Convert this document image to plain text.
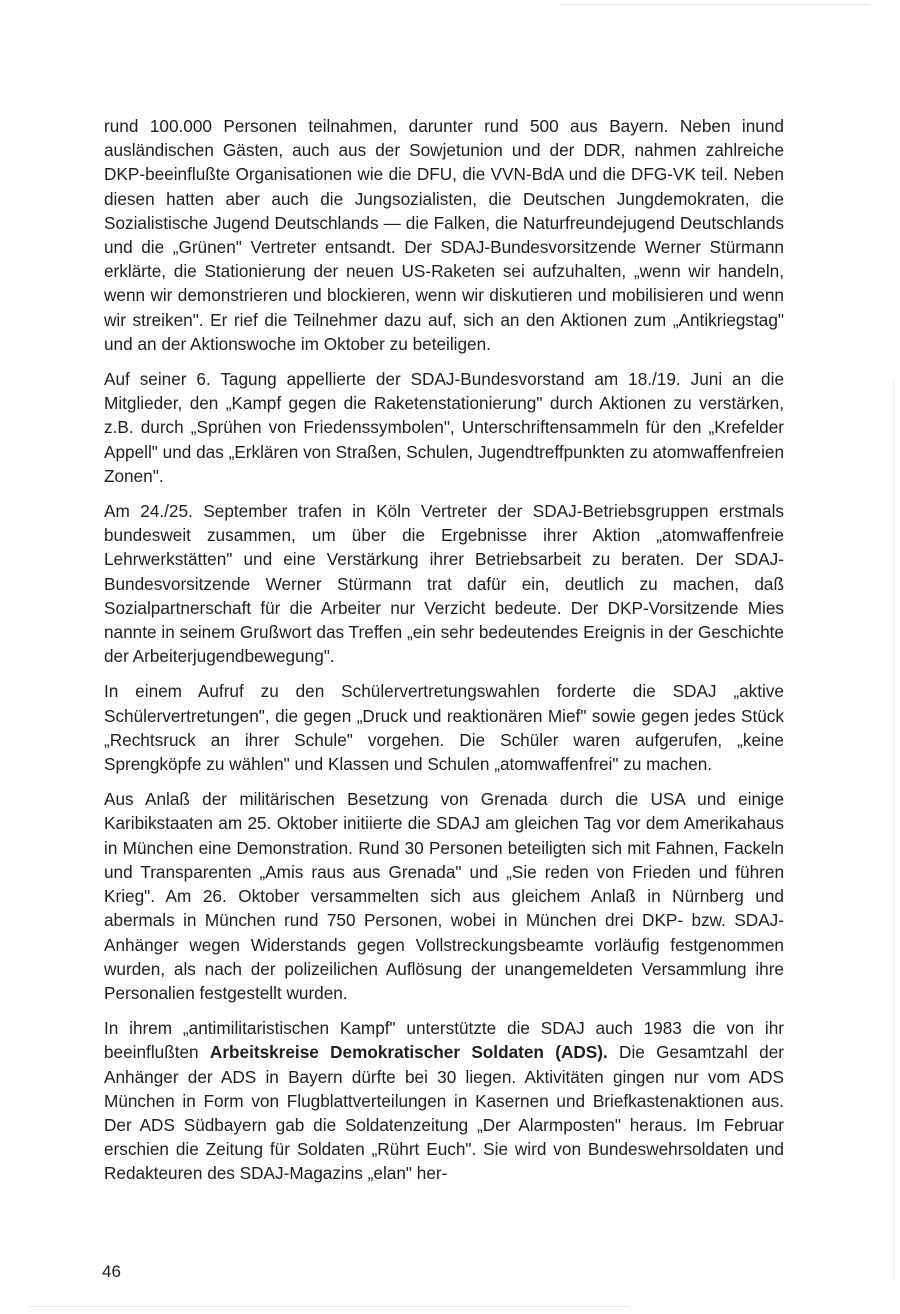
rund 100.000 Personen teilnahmen, darunter rund 500 aus Bayern. Neben inund ausländischen Gästen, auch aus der Sowjetunion und der DDR, nahmen zahlreiche DKP-beeinflußte Organisationen wie die DFU, die VVN-BdA und die DFG-VK teil. Neben diesen hatten aber auch die Jungsozialisten, die Deutschen Jungdemokraten, die Sozialistische Jugend Deutschlands — die Falken, die Naturfreundejugend Deutschlands und die „Grünen" Vertreter entsandt. Der SDAJ-Bundesvorsitzende Werner Stürmann erklärte, die Stationierung der neuen US-Raketen sei aufzuhalten, „wenn wir handeln, wenn wir demonstrieren und blockieren, wenn wir diskutieren und mobilisieren und wenn wir streiken". Er rief die Teilnehmer dazu auf, sich an den Aktionen zum „Antikriegstag" und an der Aktionswoche im Oktober zu beteiligen.

Auf seiner 6. Tagung appellierte der SDAJ-Bundesvorstand am 18./19. Juni an die Mitglieder, den „Kampf gegen die Raketenstationierung" durch Aktionen zu verstärken, z.B. durch „Sprühen von Friedenssymbolen", Unterschriftensammeln für den „Krefelder Appell" und das „Erklären von Straßen, Schulen, Jugendtreffpunkten zu atomwaffenfreien Zonen".

Am 24./25. September trafen in Köln Vertreter der SDAJ-Betriebsgruppen erstmals bundesweit zusammen, um über die Ergebnisse ihrer Aktion „atomwaffenfreie Lehrwerkstätten" und eine Verstärkung ihrer Betriebsarbeit zu beraten. Der SDAJ-Bundesvorsitzende Werner Stürmann trat dafür ein, deutlich zu machen, daß Sozialpartnerschaft für die Arbeiter nur Verzicht bedeute. Der DKP-Vorsitzende Mies nannte in seinem Grußwort das Treffen „ein sehr bedeutendes Ereignis in der Geschichte der Arbeiterjugendbewegung".

In einem Aufruf zu den Schülervertretungswahlen forderte die SDAJ „aktive Schülervertretungen", die gegen „Druck und reaktionären Mief" sowie gegen jedes Stück „Rechtsruck an ihrer Schule" vorgehen. Die Schüler waren aufgerufen, „keine Sprengköpfe zu wählen" und Klassen und Schulen „atomwaffenfrei" zu machen.

Aus Anlaß der militärischen Besetzung von Grenada durch die USA und einige Karibikstaaten am 25. Oktober initiierte die SDAJ am gleichen Tag vor dem Amerikahaus in München eine Demonstration. Rund 30 Personen beteiligten sich mit Fahnen, Fackeln und Transparenten „Amis raus aus Grenada" und „Sie reden von Frieden und führen Krieg". Am 26. Oktober versammelten sich aus gleichem Anlaß in Nürnberg und abermals in München rund 750 Personen, wobei in München drei DKP- bzw. SDAJ-Anhänger wegen Widerstands gegen Vollstreckungsbeamte vorläufig festgenommen wurden, als nach der polizeilichen Auflösung der unangemeldeten Versammlung ihre Personalien festgestellt wurden.

In ihrem „antimilitaristischen Kampf" unterstützte die SDAJ auch 1983 die von ihr beeinflußten Arbeitskreise Demokratischer Soldaten (ADS). Die Gesamtzahl der Anhänger der ADS in Bayern dürfte bei 30 liegen. Aktivitäten gingen nur vom ADS München in Form von Flugblattverteilungen in Kasernen und Briefkastenaktionen aus. Der ADS Südbayern gab die Soldatenzeitung „Der Alarmposten" heraus. Im Februar erschien die Zeitung für Soldaten „Rührt Euch". Sie wird von Bundeswehrsoldaten und Redakteuren des SDAJ-Magazins „elan" her-

46
